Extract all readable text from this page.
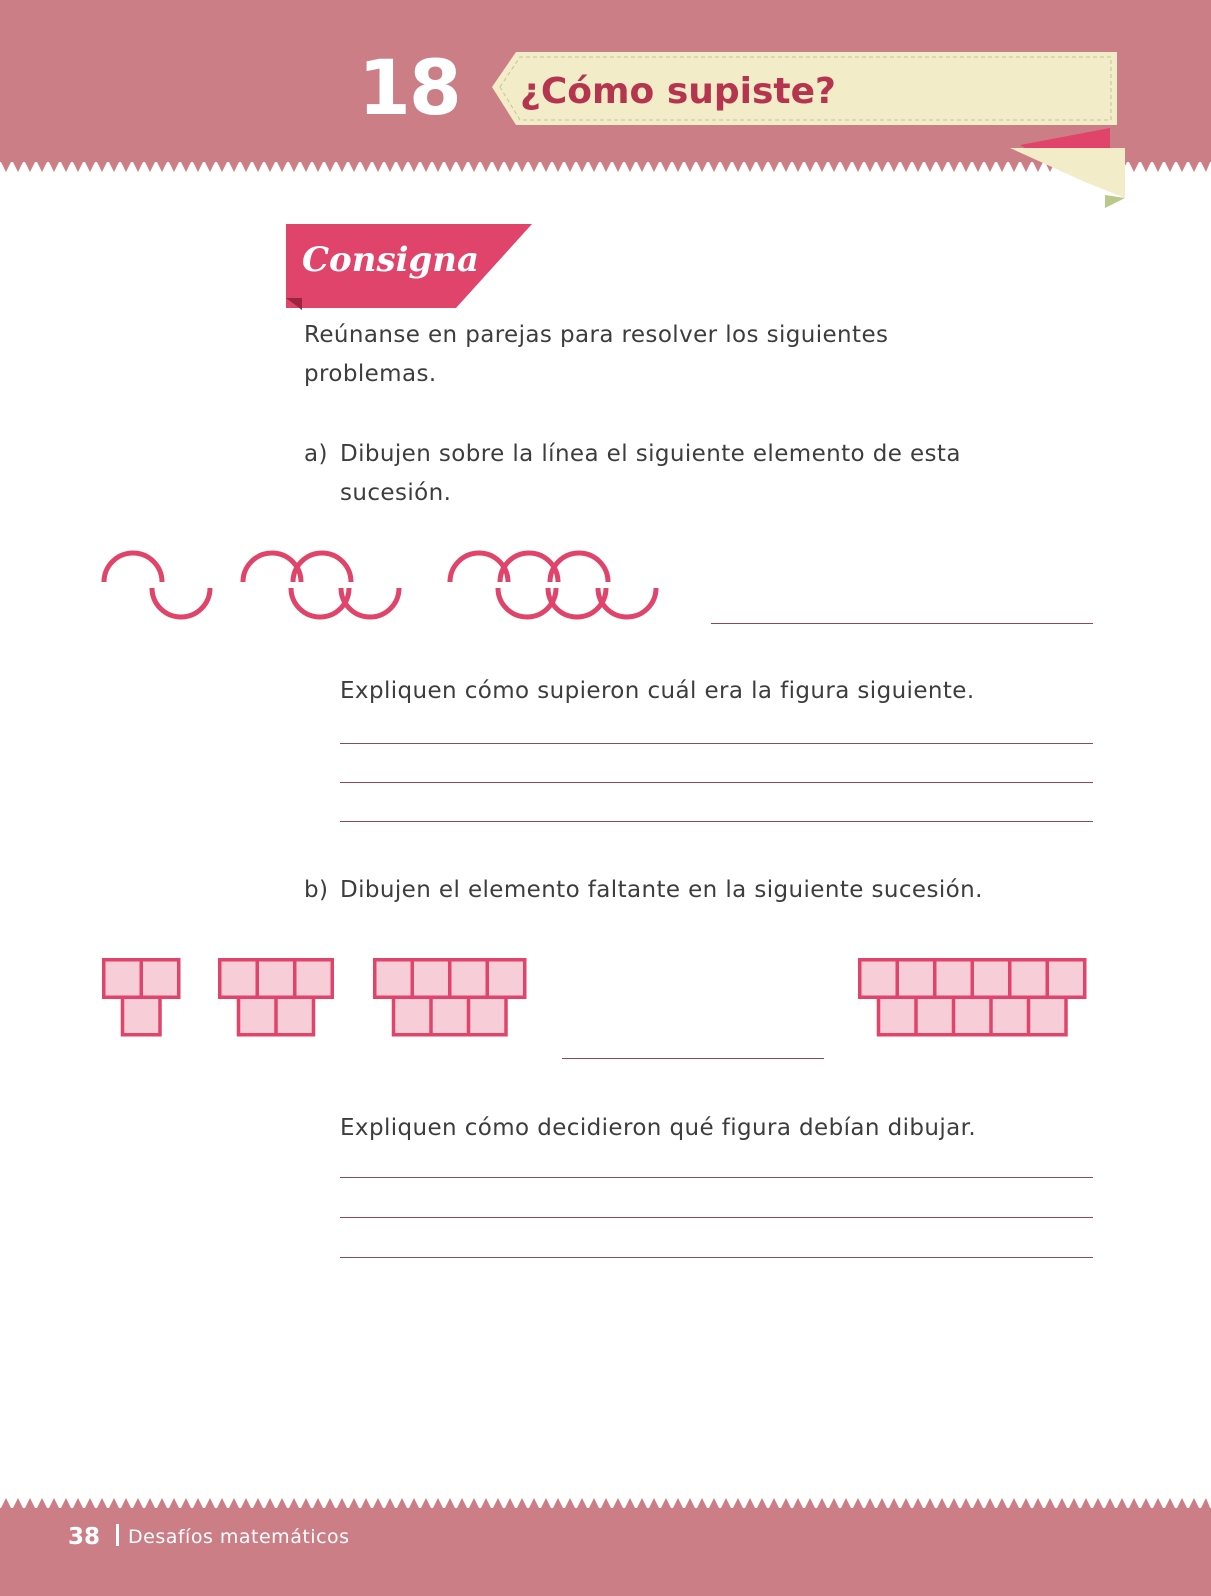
18 ¿Cómo supiste?
Consigna
Reúnanse en parejas para resolver los siguientes
problemas.
a) Dibujen sobre la línea el siguiente elemento de esta
sucesión.
Expliquen cómo supieron cuál era la figura siguiente.
b) Dibujen el elemento faltante en la siguiente sucesión.
Expliquen cómo decidieron qué figura debían dibujar.
38 Desafíos matemáticos
